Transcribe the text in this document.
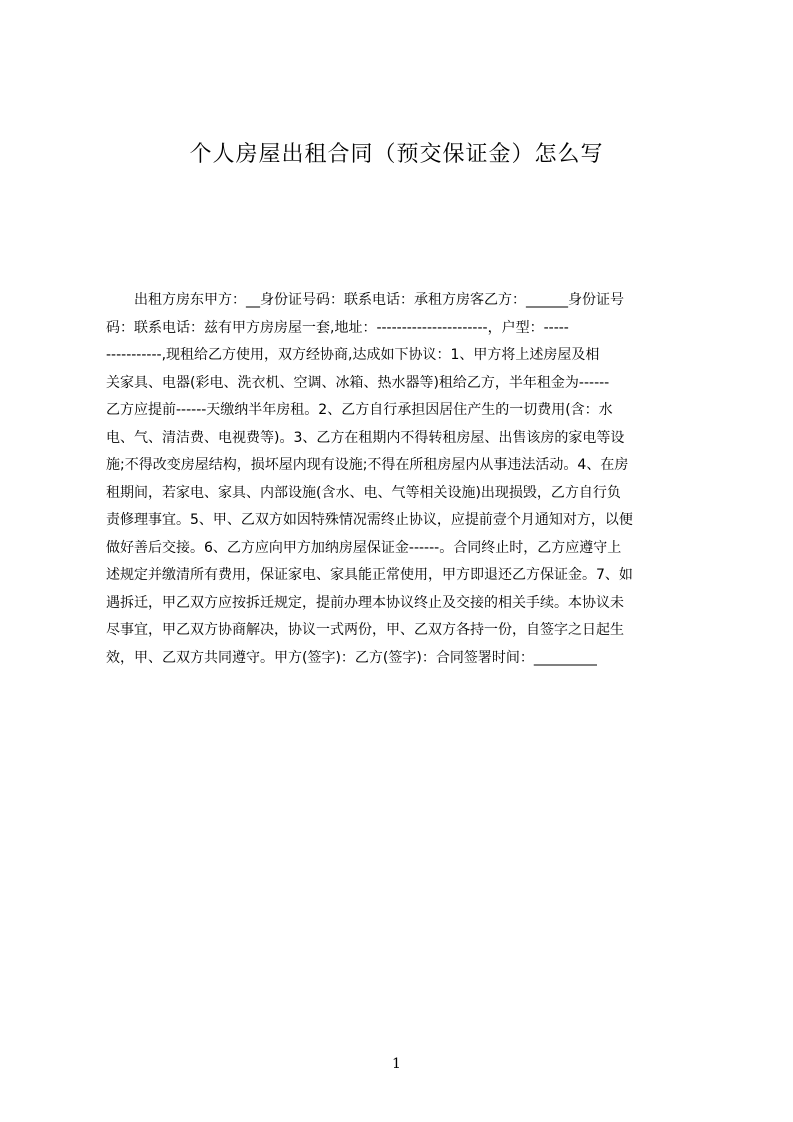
个人房屋出租合同（预交保证金）怎么写
　　出租方房东甲方：__身份证号码：联系电话：承租方房客乙方：______身份证号
码：联系电话：兹有甲方房房屋一套,地址：----------------------，户型：-----
-----------,现租给乙方使用，双方经协商,达成如下协议：1、甲方将上述房屋及相
关家具、电器(彩电、洗衣机、空调、冰箱、热水器等)租给乙方，半年租金为------
乙方应提前------天缴纳半年房租。2、乙方自行承担因居住产生的一切费用(含：水
电、气、清洁费、电视费等)。3、乙方在租期内不得转租房屋、出售该房的家电等设
施;不得改变房屋结构，损坏屋内现有设施;不得在所租房屋内从事违法活动。4、在房
租期间，若家电、家具、内部设施(含水、电、气等相关设施)出现损毁，乙方自行负
责修理事宜。5、甲、乙双方如因特殊情况需终止协议，应提前壹个月通知对方，以便
做好善后交接。6、乙方应向甲方加纳房屋保证金------。合同终止时，乙方应遵守上
述规定并缴清所有费用，保证家电、家具能正常使用，甲方即退还乙方保证金。7、如
遇拆迁，甲乙双方应按拆迁规定，提前办理本协议终止及交接的相关手续。本协议未
尽事宜，甲乙双方协商解决，协议一式两份，甲、乙双方各持一份，自签字之日起生
效，甲、乙双方共同遵守。甲方(签字)：乙方(签字)：合同签署时间：_________
1
